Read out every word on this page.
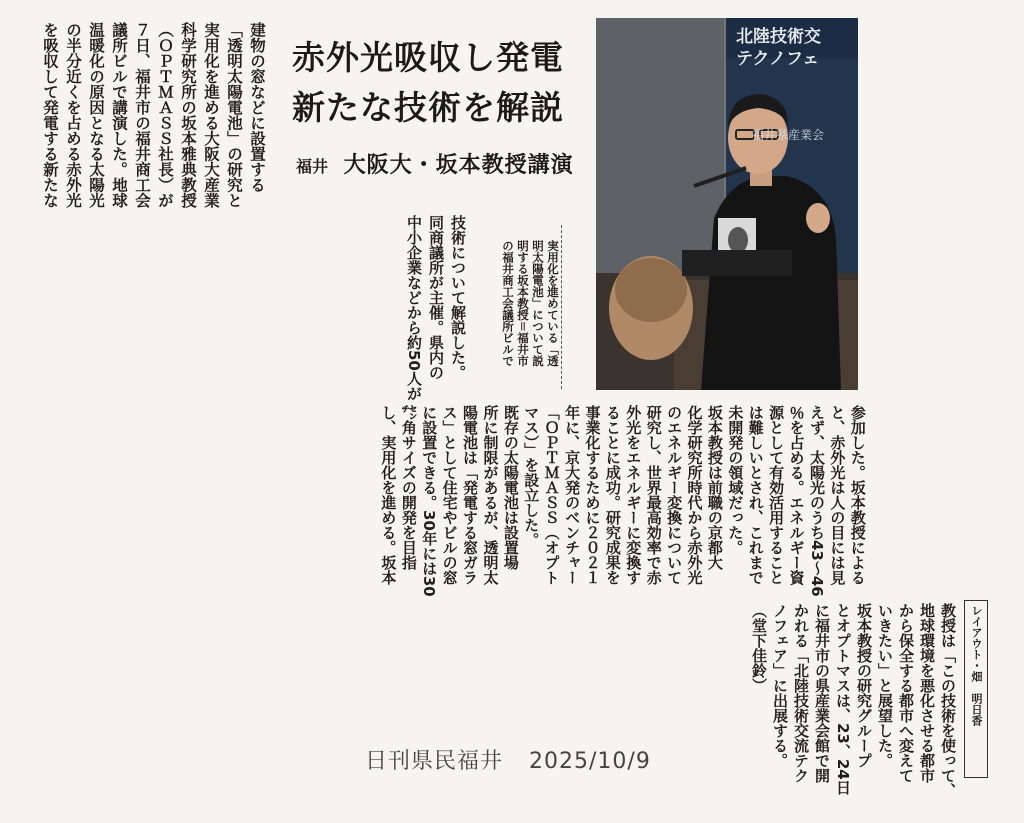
建物の窓などに設置する
「透明太陽電池」の研究と
実用化を進める大阪大産業
科学研究所の坂本雅典教授
（ＯＰＴＭＡＳＳ社長）が
７日、福井市の福井商工会
議所ビルで講演した。地球
温暖化の原因となる太陽光
の半分近くを占める赤外光
を吸収して発電する新たな	赤外光吸収し発電
新たな技術を解説
福井 大阪大・坂本教授講演
技術について解説した。
同商議所が主催。県内の
中小企業などから約50人が	実用化を進めている「透
明太陽電池」について説
明する坂本教授＝福井市
の福井商工会議所ビルで
北陸技術交
テクノフェ
福井県産業会
参加した。坂本教授による
と、赤外光は人の目には見
えず、太陽光のうち43～46
％を占める。エネルギー資
源として有効活用すること
は難しいとされ、これまで
未開発の領域だった。
坂本教授は前職の京都大
化学研究所時代から赤外光
のエネルギー変換について
研究し、世界最高効率で赤
外光をエネルギーに変換す
ることに成功。研究成果を
事業化するために２０２１
年に、京大発のベンチャー
「ＯＰＴＭＡＳＳ（オプト
マス）」を設立した。
既存の太陽電池は設置場
所に制限があるが、透明太
陽電池は「発電する窓ガラ
ス」として住宅やビルの窓
に設置できる。30年には30
㌢角サイズの開発を目指
し、実用化を進める。坂本
教授は「この技術を使って、
地球環境を悪化させる都市
から保全する都市へ変えて
いきたい」と展望した。
坂本教授の研究グループ
とオプトマスは、23、24日
に福井市の県産業会館で開
かれる「北陸技術交流テク
ノフェア」に出展する。
（堂下佳鈴）	レイアウト・畑　明日香
日刊県民福井 2025/10/9
